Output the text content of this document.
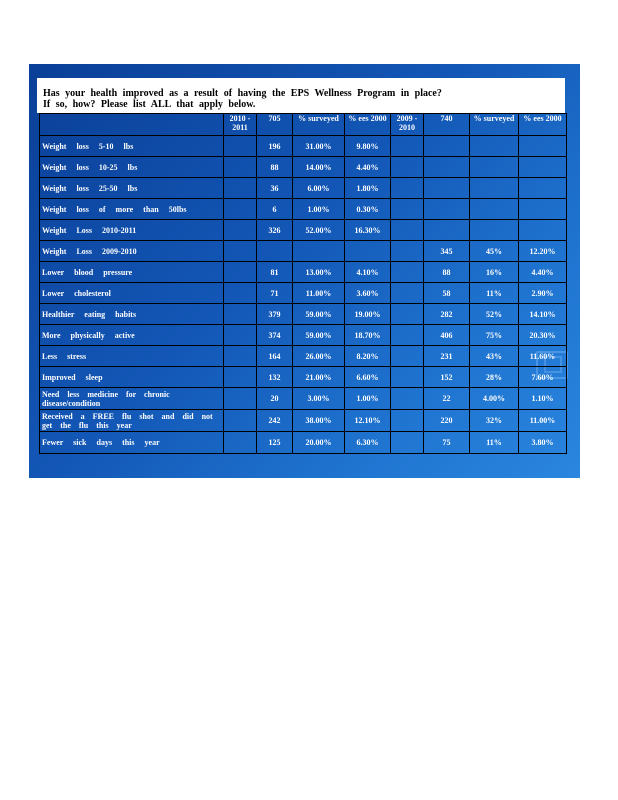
Has your health improved as a result of having the EPS Wellness Program in place?
If so, how? Please list ALL that apply below.
	2010 - 2011	705	% surveyed	% ees 2000	2009 - 2010	740	% surveyed	% ees 2000
Weight loss 5-10 lbs		196	31.00%	9.80%				
Weight loss 10-25 lbs		88	14.00%	4.40%				
Weight loss 25-50 lbs		36	6.00%	1.80%				
Weight loss of more than 50lbs		6	1.00%	0.30%				
Weight Loss 2010-2011		326	52.00%	16.30%				
Weight Loss 2009-2010						345	45%	12.20%
Lower blood pressure		81	13.00%	4.10%		88	16%	4.40%
Lower cholesterol		71	11.00%	3.60%		58	11%	2.90%
Healthier eating habits		379	59.00%	19.00%		282	52%	14.10%
More physically active		374	59.00%	18.70%		406	75%	20.30%
Less stress		164	26.00%	8.20%		231	43%	11.60%
Improved sleep		132	21.00%	6.60%		152	28%	7.60%
Need less medicine for chronic disease/condition		20	3.00%	1.00%		22	4.00%	1.10%
Received a FREE flu shot and did not get the flu this year		242	38.00%	12.10%		220	32%	11.00%
Fewer sick days this year		125	20.00%	6.30%		75	11%	3.80%
